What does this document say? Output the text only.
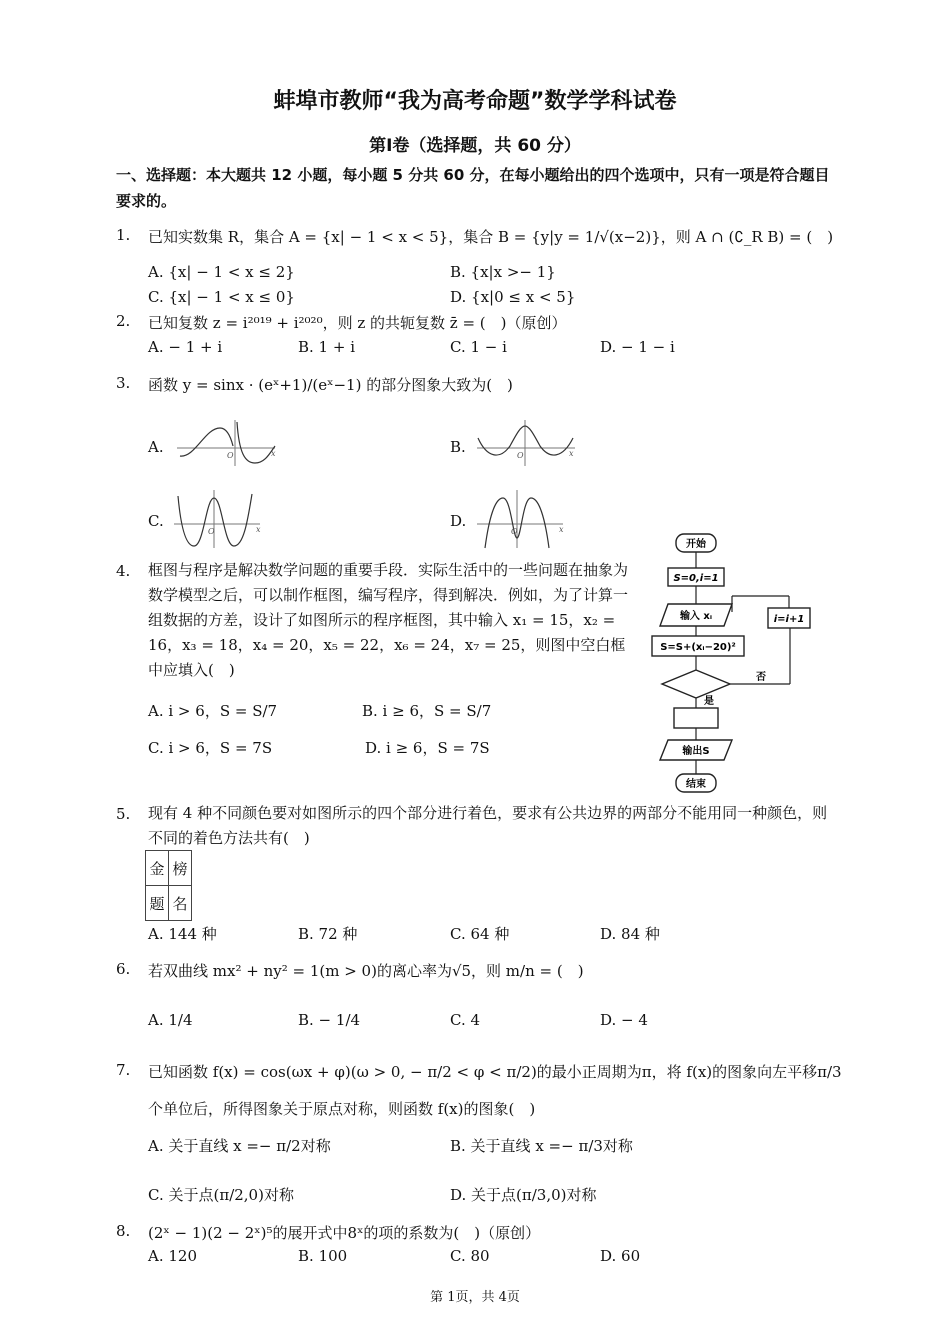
蚌埠市教师“我为高考命题”数学学科试卷
第Ⅰ卷（选择题，共 60 分）
一、选择题：本大题共 12 小题，每小题 5 分共 60 分，在每小题给出的四个选项中，只有一项是符合题目要求的。
1. 已知实数集 R，集合 A = {x| − 1 < x < 5}，集合 B = {y|y = 1/√(x−2)}，则 A ∩ (∁_R B) = (　)
A. {x| − 1 < x ≤ 2}	B. {x|x >− 1}
C. {x| − 1 < x ≤ 0}	D. {x|0 ≤ x < 5}
2. 已知复数 z = i²⁰¹⁹ + i²⁰²⁰，则 z 的共轭复数 z̄ = (　)（原创）
A. − 1 + i	B. 1 + i	C. 1 − i	D. − 1 − i
3. 函数 y = sinx · (eˣ+1)/(eˣ−1) 的部分图象大致为(　)
A.	B.
C.	D.
O	x	O	x
O	x	O	x
4. 框图与程序是解决数学问题的重要手段．实际生活中的一些问题在抽象为数学模型之后，可以制作框图，编写程序，得到解决．例如，为了计算一组数据的方差，设计了如图所示的程序框图，其中输入 x₁ = 15，x₂ = 16，x₃ = 18，x₄ = 20，x₅ = 22，x₆ = 24，x₇ = 25，则图中空白框中应填入(　)
A. i > 6，S = S/7	B. i ≥ 6，S = S/7
C. i > 6，S = 7S	D. i ≥ 6，S = 7S
开始
S=0,i=1
输入 xᵢ
S=S+(xᵢ−20)²
否
i=i+1
是
输出S
结束
5. 现有 4 种不同颜色要对如图所示的四个部分进行着色，要求有公共边界的两部分不能用同一种颜色，则不同的着色方法共有(　)
金	榜
题	名
A. 144 种	B. 72 种	C. 64 种	D. 84 种
6. 若双曲线 mx² + ny² = 1(m > 0)的离心率为√5，则 m/n = (　)
A. 1/4	B. − 1/4	C. 4	D. − 4
7. 已知函数 f(x) = cos(ωx + φ)(ω > 0, − π/2 < φ < π/2)的最小正周期为π，将 f(x)的图象向左平移π/3
个单位后，所得图象关于原点对称，则函数 f(x)的图象(　)
A. 关于直线 x =− π/2对称	B. 关于直线 x =− π/3对称
C. 关于点(π/2,0)对称	D. 关于点(π/3,0)对称
8. (2ˣ − 1)(2 − 2ˣ)⁵的展开式中8ˣ的项的系数为(　)（原创）
A. 120	B. 100	C. 80	D. 60
第 1页，共 4页
